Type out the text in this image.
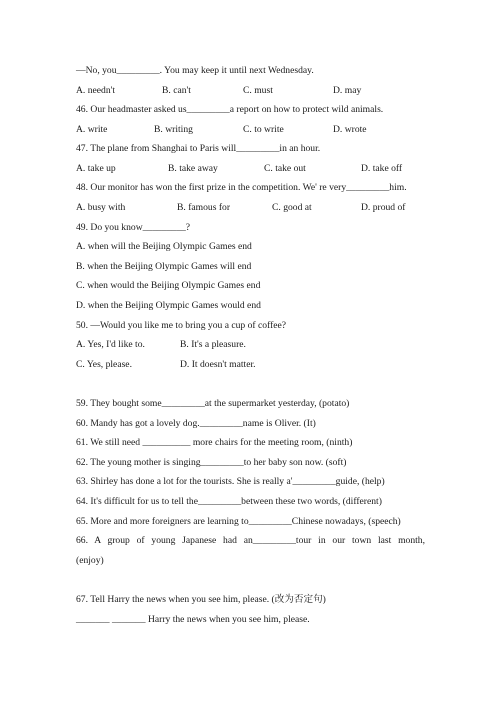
—No, you_________. You may keep it until next Wednesday.
A. needn't	B. can't	C. must	D. may
46. Our headmaster asked us_________a report on how to protect wild animals.
A. write	B. writing	C. to write	D. wrote
47. The plane from Shanghai to Paris will_________in an hour.
A. take up	B. take away	C. take out	D. take off
48. Our monitor has won the first prize in the competition. We' re very_________him.
A. busy with	B. famous for	C. good at	D. proud of
49. Do you know_________?
A. when will the Beijing Olympic Games end
B. when the Beijing Olympic Games will end
C. when would the Beijing Olympic Games end
D. when the Beijing Olympic Games would end
50. —Would you like me to bring you a cup of coffee?
A. Yes, I'd like to.	B. It's a pleasure.
C. Yes, please.	D. It doesn't matter.
59. They bought some_________at the supermarket yesterday, (potato)
60. Mandy has got a lovely dog._________name is Oliver. (It)
61. We still need __________ more chairs for the meeting room, (ninth)
62. The young mother is singing_________to her baby son now. (soft)
63. Shirley has done a lot for the tourists. She is really a'_________guide, (help)
64. It's difficult for us to tell the_________between these two words, (different)
65. More and more foreigners are learning to_________Chinese nowadays, (speech)
66. A group of young Japanese had an_________tour in our town last month,
(enjoy)
67. Tell Harry the news when you see him, please. (改为否定句)
_______ _______ Harry the news when you see him, please.
